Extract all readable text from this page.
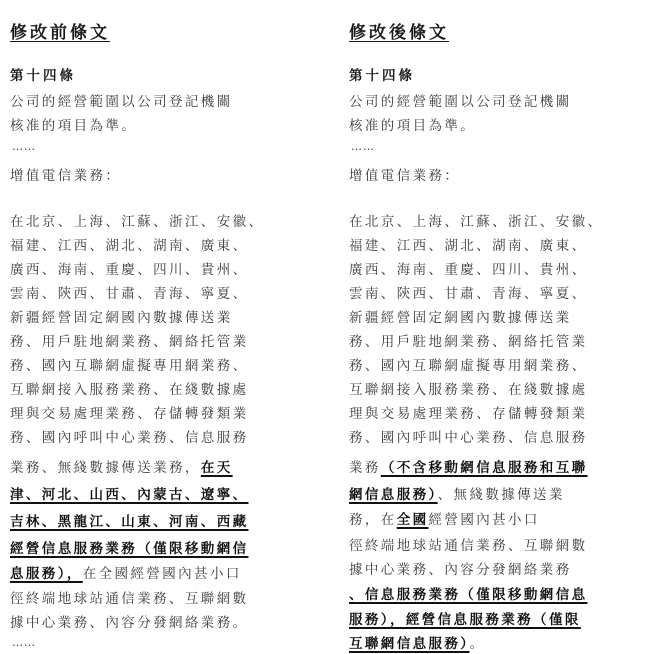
修改前條文
第十四條
公司的經營範圍以公司登記機關
核准的項目為準。
……
增值電信業務：
在北京、上海、江蘇、浙江、安徽、
福建、江西、湖北、湖南、廣東、
廣西、海南、重慶、四川、貴州、
雲南、陝西、甘肅、青海、寧夏、
新疆經營固定網國內數據傳送業
務、用戶駐地網業務、網絡托管業
務、國內互聯網虛擬專用網業務、
互聯網接入服務業務、在綫數據處
理與交易處理業務、存儲轉發類業
務、國內呼叫中心業務、信息服務
業務、無綫數據傳送業務，在天
津、河北、山西、內蒙古、遼寧、
吉林、黑龍江、山東、河南、西藏
經營信息服務業務（僅限移動網信
息服務），在全國經營國內甚小口
徑終端地球站通信業務、互聯網數
據中心業務、內容分發網絡業務。
……
修改後條文
第十四條
公司的經營範圍以公司登記機關
核准的項目為準。
……
增值電信業務：
在北京、上海、江蘇、浙江、安徽、
福建、江西、湖北、湖南、廣東、
廣西、海南、重慶、四川、貴州、
雲南、陝西、甘肅、青海、寧夏、
新疆經營固定網國內數據傳送業
務、用戶駐地網業務、網絡托管業
務、國內互聯網虛擬專用網業務、
互聯網接入服務業務、在綫數據處
理與交易處理業務、存儲轉發類業
務、國內呼叫中心業務、信息服務
業務（不含移動網信息服務和互聯
網信息服務）、無綫數據傳送業
務，在全國經營國內甚小口
徑終端地球站通信業務、互聯網數
據中心業務、內容分發網絡業務
、信息服務業務（僅限移動網信息
服務），經營信息服務業務（僅限
互聯網信息服務）。
